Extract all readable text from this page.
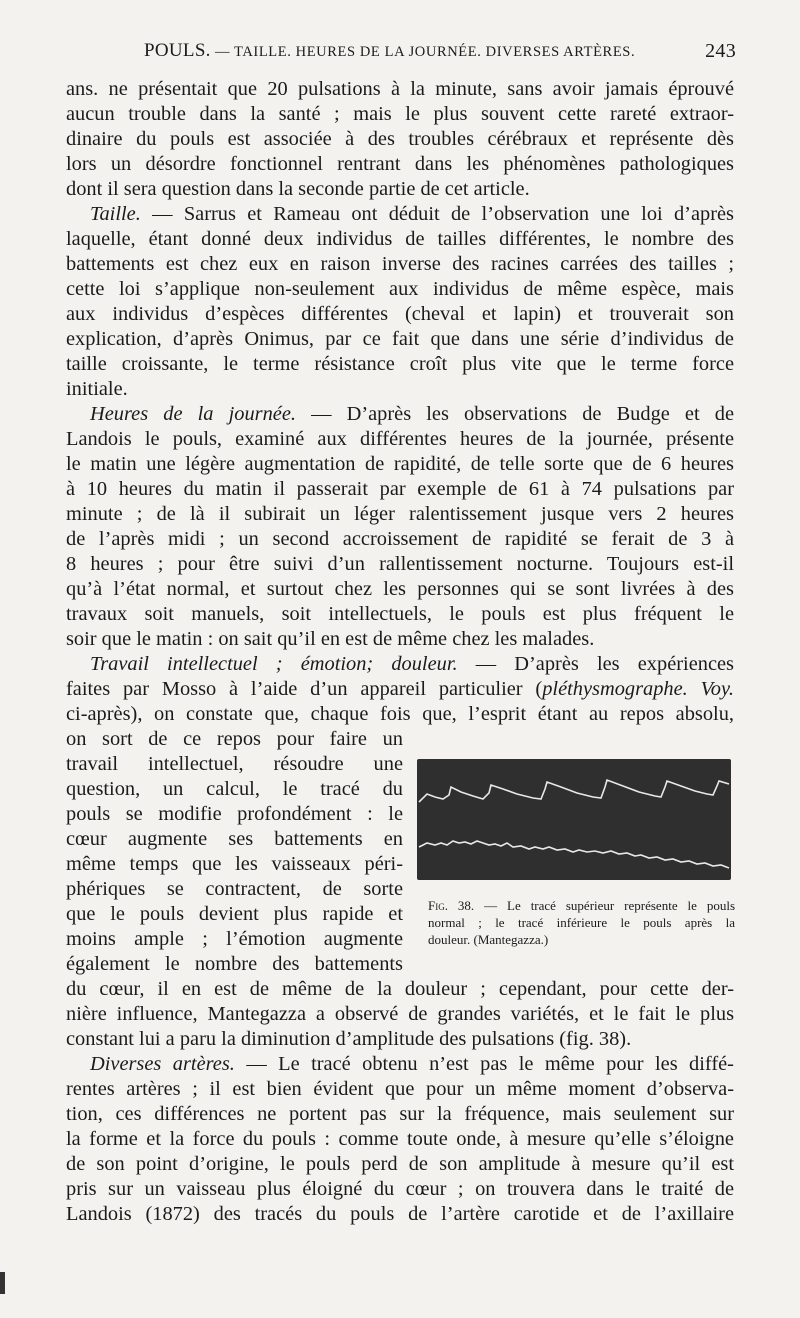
POULS. — TAILLE. HEURES DE LA JOURNÉE. DIVERSES ARTÈRES.	243
ans. ne présentait que 20 pulsations à la minute, sans avoir jamais éprouvé
aucun trouble dans la santé ; mais le plus souvent cette rareté extraor-
dinaire du pouls est associée à des troubles cérébraux et représente dès
lors un désordre fonctionnel rentrant dans les phénomènes pathologiques
dont il sera question dans la seconde partie de cet article.
Taille. — Sarrus et Rameau ont déduit de l’observation une loi d’après
laquelle, étant donné deux individus de tailles différentes, le nombre des
battements est chez eux en raison inverse des racines carrées des tailles ;
cette loi s’applique non-seulement aux individus de même espèce, mais
aux individus d’espèces différentes (cheval et lapin) et trouverait son
explication, d’après Onimus, par ce fait que dans une série d’individus de
taille croissante, le terme résistance croît plus vite que le terme force
initiale.
Heures de la journée. — D’après les observations de Budge et de
Landois le pouls, examiné aux différentes heures de la journée, présente
le matin une légère augmentation de rapidité, de telle sorte que de 6 heures
à 10 heures du matin il passerait par exemple de 61 à 74 pulsations par
minute ; de là il subirait un léger ralentissement jusque vers 2 heures
de l’après midi ; un second accroissement de rapidité se ferait de 3 à
8 heures ; pour être suivi d’un rallentissement nocturne. Toujours est-il
qu’à l’état normal, et surtout chez les personnes qui se sont livrées à des
travaux soit manuels, soit intellectuels, le pouls est plus fréquent le
soir que le matin : on sait qu’il en est de même chez les malades.
Travail intellectuel ; émotion; douleur. — D’après les expériences
faites par Mosso à l’aide d’un appareil particulier (pléthysmographe. Voy.
ci-après), on constate que, chaque fois que, l’esprit étant au repos absolu,
on sort de ce repos pour faire un
travail intellectuel, résoudre une
question, un calcul, le tracé du
pouls se modifie profondément : le
cœur augmente ses battements en
même temps que les vaisseaux péri-
phériques se contractent, de sorte
que le pouls devient plus rapide et
moins ample ; l’émotion augmente
également le nombre des battements
du cœur, il en est de même de la douleur ; cependant, pour cette der-
nière influence, Mantegazza a observé de grandes variétés, et le fait le plus
constant lui a paru la diminution d’amplitude des pulsations (fig. 38).
Diverses artères. — Le tracé obtenu n’est pas le même pour les diffé-
rentes artères ; il est bien évident que pour un même moment d’observa-
tion, ces différences ne portent pas sur la fréquence, mais seulement sur
la forme et la force du pouls : comme toute onde, à mesure qu’elle s’éloigne
de son point d’origine, le pouls perd de son amplitude à mesure qu’il est
pris sur un vaisseau plus éloigné du cœur ; on trouvera dans le traité de
Landois (1872) des tracés du pouls de l’artère carotide et de l’axillaire
Fig. 38. — Le tracé supérieur représente le pouls
normal ; le tracé inférieure le pouls après la
douleur. (Mantegazza.)
